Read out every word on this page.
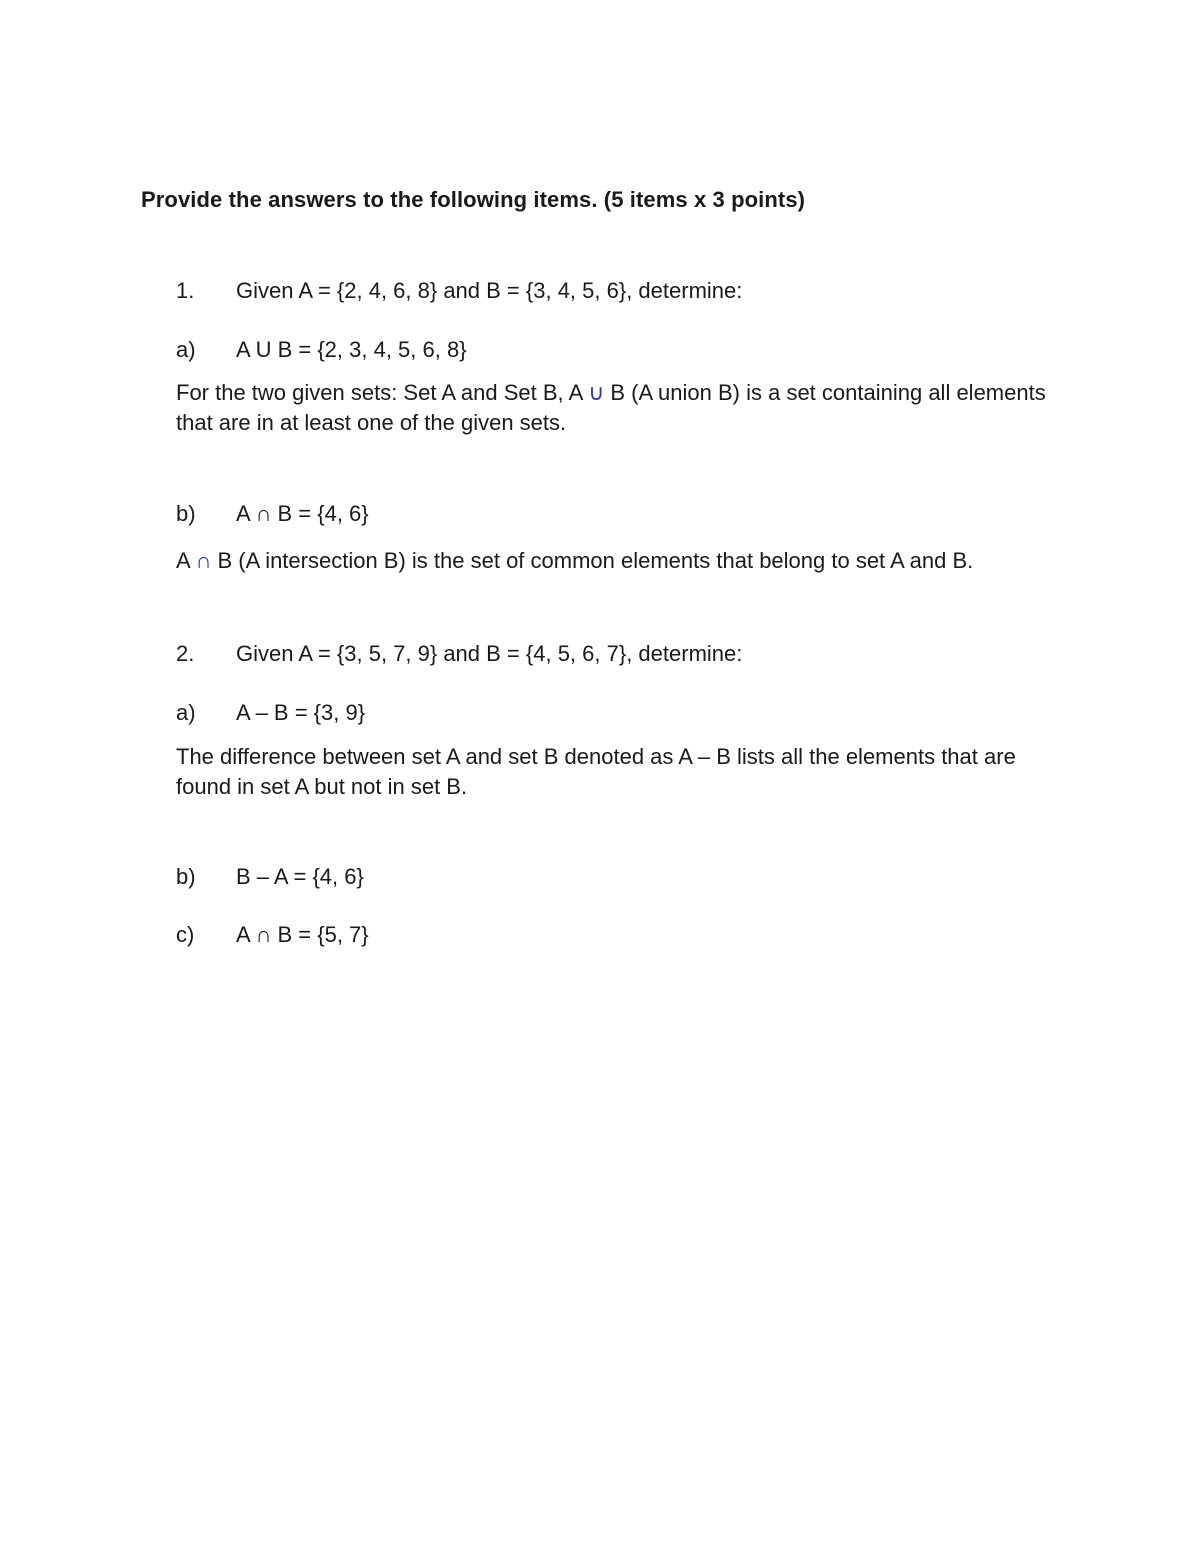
Provide the answers to the following items. (5 items x 3 points)
1. Given A = {2, 4, 6, 8} and B = {3, 4, 5, 6}, determine:
a) A U B = {2, 3, 4, 5, 6, 8}
For the two given sets: Set A and Set B, A ∪ B (A union B) is a set containing all elements that are in at least one of the given sets.
b) A ∩ B = {4, 6}
A ∩ B (A intersection B) is the set of common elements that belong to set A and B.
2. Given A = {3, 5, 7, 9} and B = {4, 5, 6, 7}, determine:
a) A – B = {3, 9}
The difference between set A and set B denoted as A – B lists all the elements that are found in set A but not in set B.
b) B – A = {4, 6}
c) A ∩ B = {5, 7}
